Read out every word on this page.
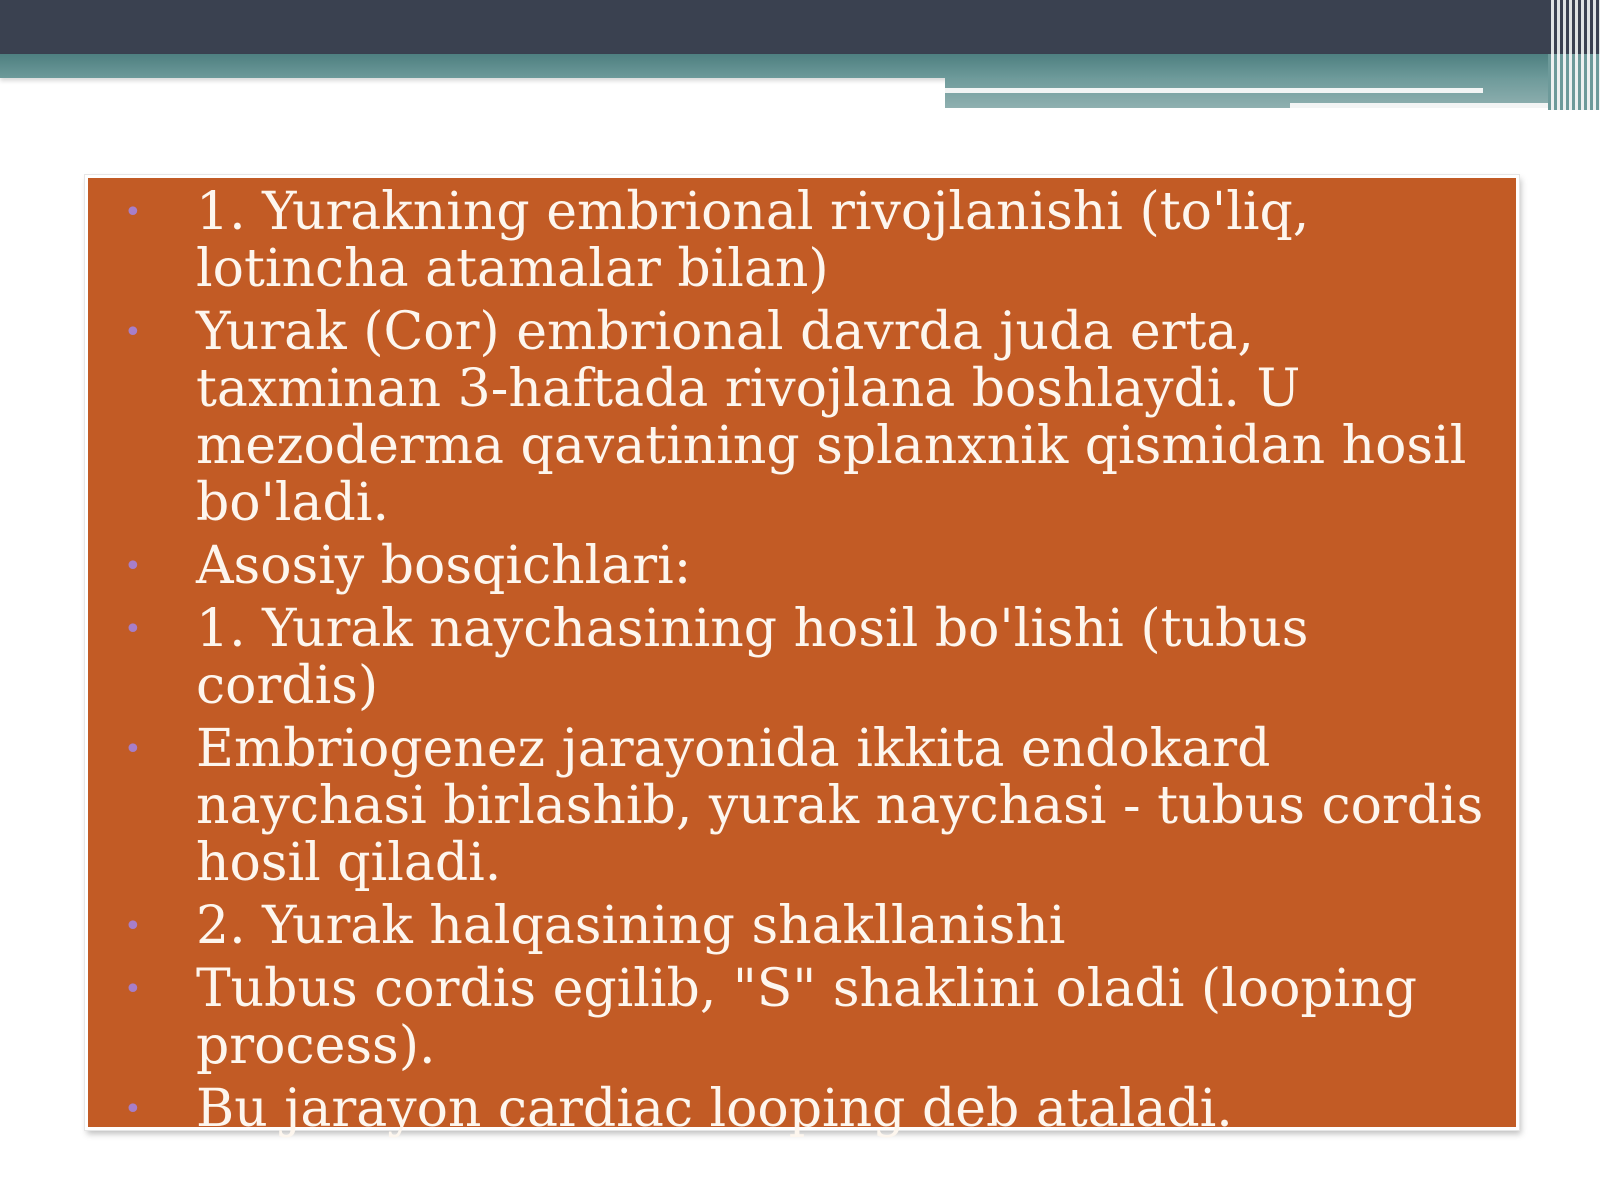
• 1. Yurakning embrional rivojlanishi (to'liq, lotincha atamalar bilan)
• Yurak (Cor) embrional davrda juda erta, taxminan 3-haftada rivojlana boshlaydi. U mezoderma qavatining splanxnik qismidan hosil bo'ladi.
• Asosiy bosqichlari:
• 1. Yurak naychasining hosil bo'lishi (tubus cordis)
• Embriogenez jarayonida ikkita endokard naychasi birlashib, yurak naychasi - tubus cordis hosil qiladi.
• 2. Yurak halqasining shakllanishi
• Tubus cordis egilib, "S" shaklini oladi (looping process).
• Bu jarayon cardiac looping deb ataladi.
